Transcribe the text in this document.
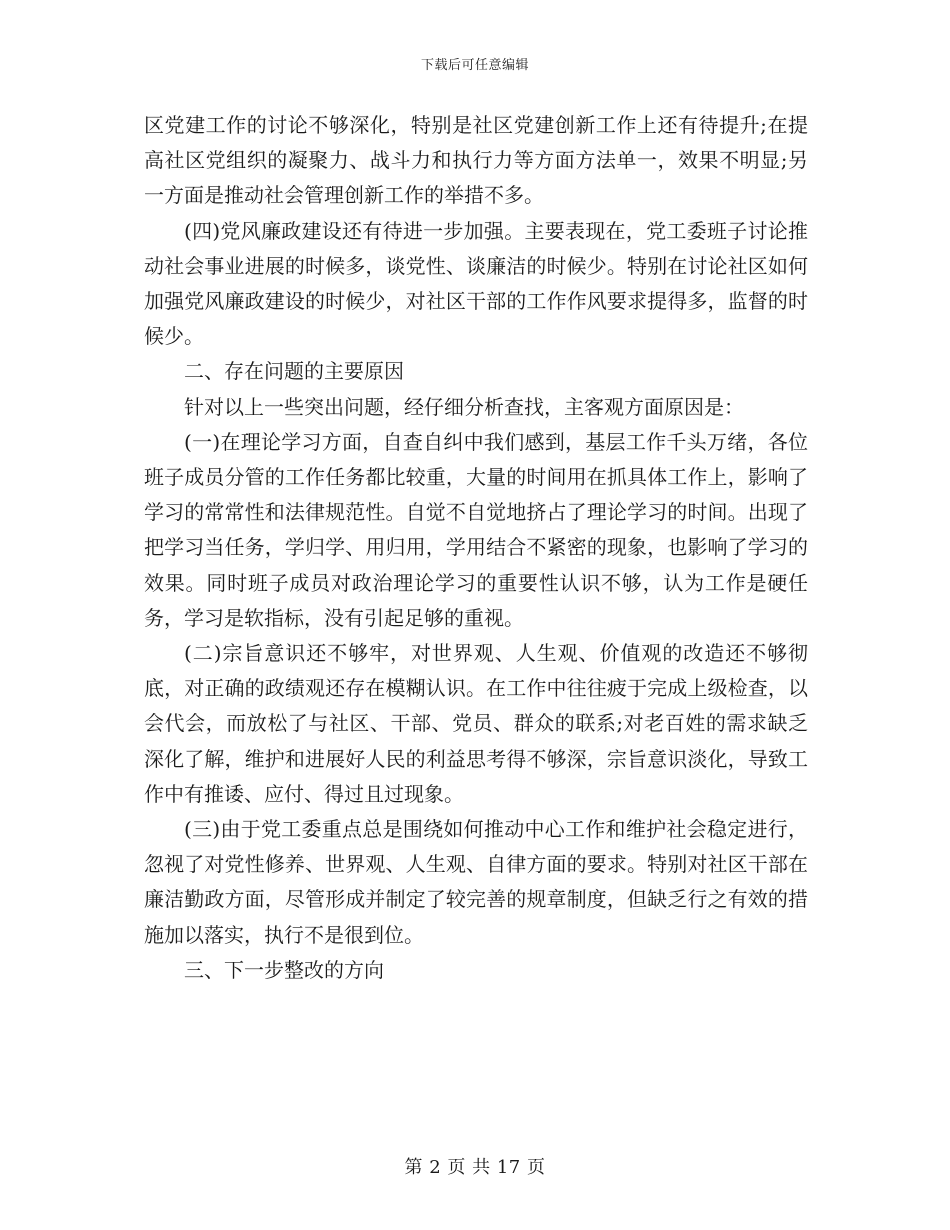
下载后可任意编辑

区党建工作的讨论不够深化，特别是社区党建创新工作上还有待提升;在提高社区党组织的凝聚力、战斗力和执行力等方面方法单一，效果不明显;另一方面是推动社会管理创新工作的举措不多。

(四)党风廉政建设还有待进一步加强。主要表现在，党工委班子讨论推动社会事业进展的时候多，谈党性、谈廉洁的时候少。特别在讨论社区如何加强党风廉政建设的时候少，对社区干部的工作作风要求提得多，监督的时候少。

二、存在问题的主要原因

针对以上一些突出问题，经仔细分析查找，主客观方面原因是：

(一)在理论学习方面，自查自纠中我们感到，基层工作千头万绪，各位班子成员分管的工作任务都比较重，大量的时间用在抓具体工作上，影响了学习的常常性和法律规范性。自觉不自觉地挤占了理论学习的时间。出现了把学习当任务，学归学、用归用，学用结合不紧密的现象，也影响了学习的效果。同时班子成员对政治理论学习的重要性认识不够，认为工作是硬任务，学习是软指标，没有引起足够的重视。

(二)宗旨意识还不够牢，对世界观、人生观、价值观的改造还不够彻底，对正确的政绩观还存在模糊认识。在工作中往往疲于完成上级检查，以会代会，而放松了与社区、干部、党员、群众的联系;对老百姓的需求缺乏深化了解，维护和进展好人民的利益思考得不够深，宗旨意识淡化，导致工作中有推诿、应付、得过且过现象。

(三)由于党工委重点总是围绕如何推动中心工作和维护社会稳定进行，忽视了对党性修养、世界观、人生观、自律方面的要求。特别对社区干部在廉洁勤政方面，尽管形成并制定了较完善的规章制度，但缺乏行之有效的措施加以落实，执行不是很到位。

三、下一步整改的方向

第 2 页 共 17 页
